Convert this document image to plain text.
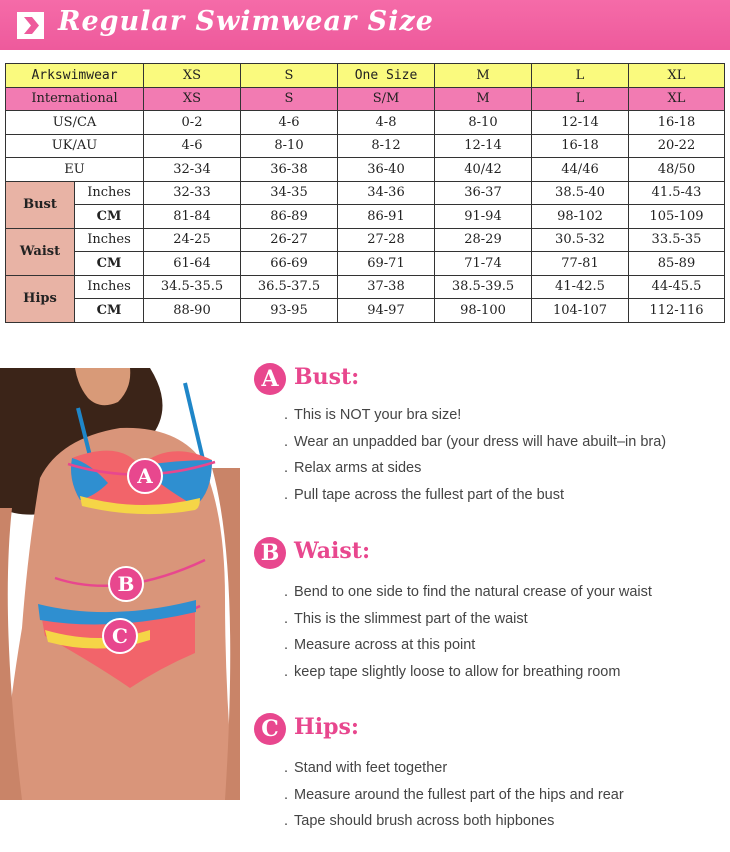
Regular Swimwear Size
Arkswimwear		XS	S	One Size	M	L	XL
International		XS	S	S/M	M	L	XL
US/CA		0-2	4-6	4-8	8-10	12-14	16-18
UK/AU		4-6	8-10	8-12	12-14	16-18	20-22
EU		32-34	36-38	36-40	40/42	44/46	48/50
Bust	Inches	32-33	34-35	34-36	36-37	38.5-40	41.5-43
	CM	81-84	86-89	86-91	91-94	98-102	105-109
Waist	Inches	24-25	26-27	27-28	28-29	30.5-32	33.5-35
	CM	61-64	66-69	69-71	71-74	77-81	85-89
Hips	Inches	34.5-35.5	36.5-37.5	37-38	38.5-39.5	41-42.5	44-45.5
	CM	88-90	93-95	94-97	98-100	104-107	112-116
A
B
C
A Bust:
. This is NOT your bra size!
. Wear an unpadded bar (your dress will have abuilt–in bra)
. Relax arms at sides
. Pull tape across the fullest part of the bust
B Waist:
. Bend to one side to find the natural crease of your waist
. This is the slimmest part of the waist
. Measure across at this point
. keep tape slightly loose to allow for breathing room
C Hips:
. Stand with feet together
. Measure around the fullest part of the hips and rear
. Tape should brush across both hipbones
